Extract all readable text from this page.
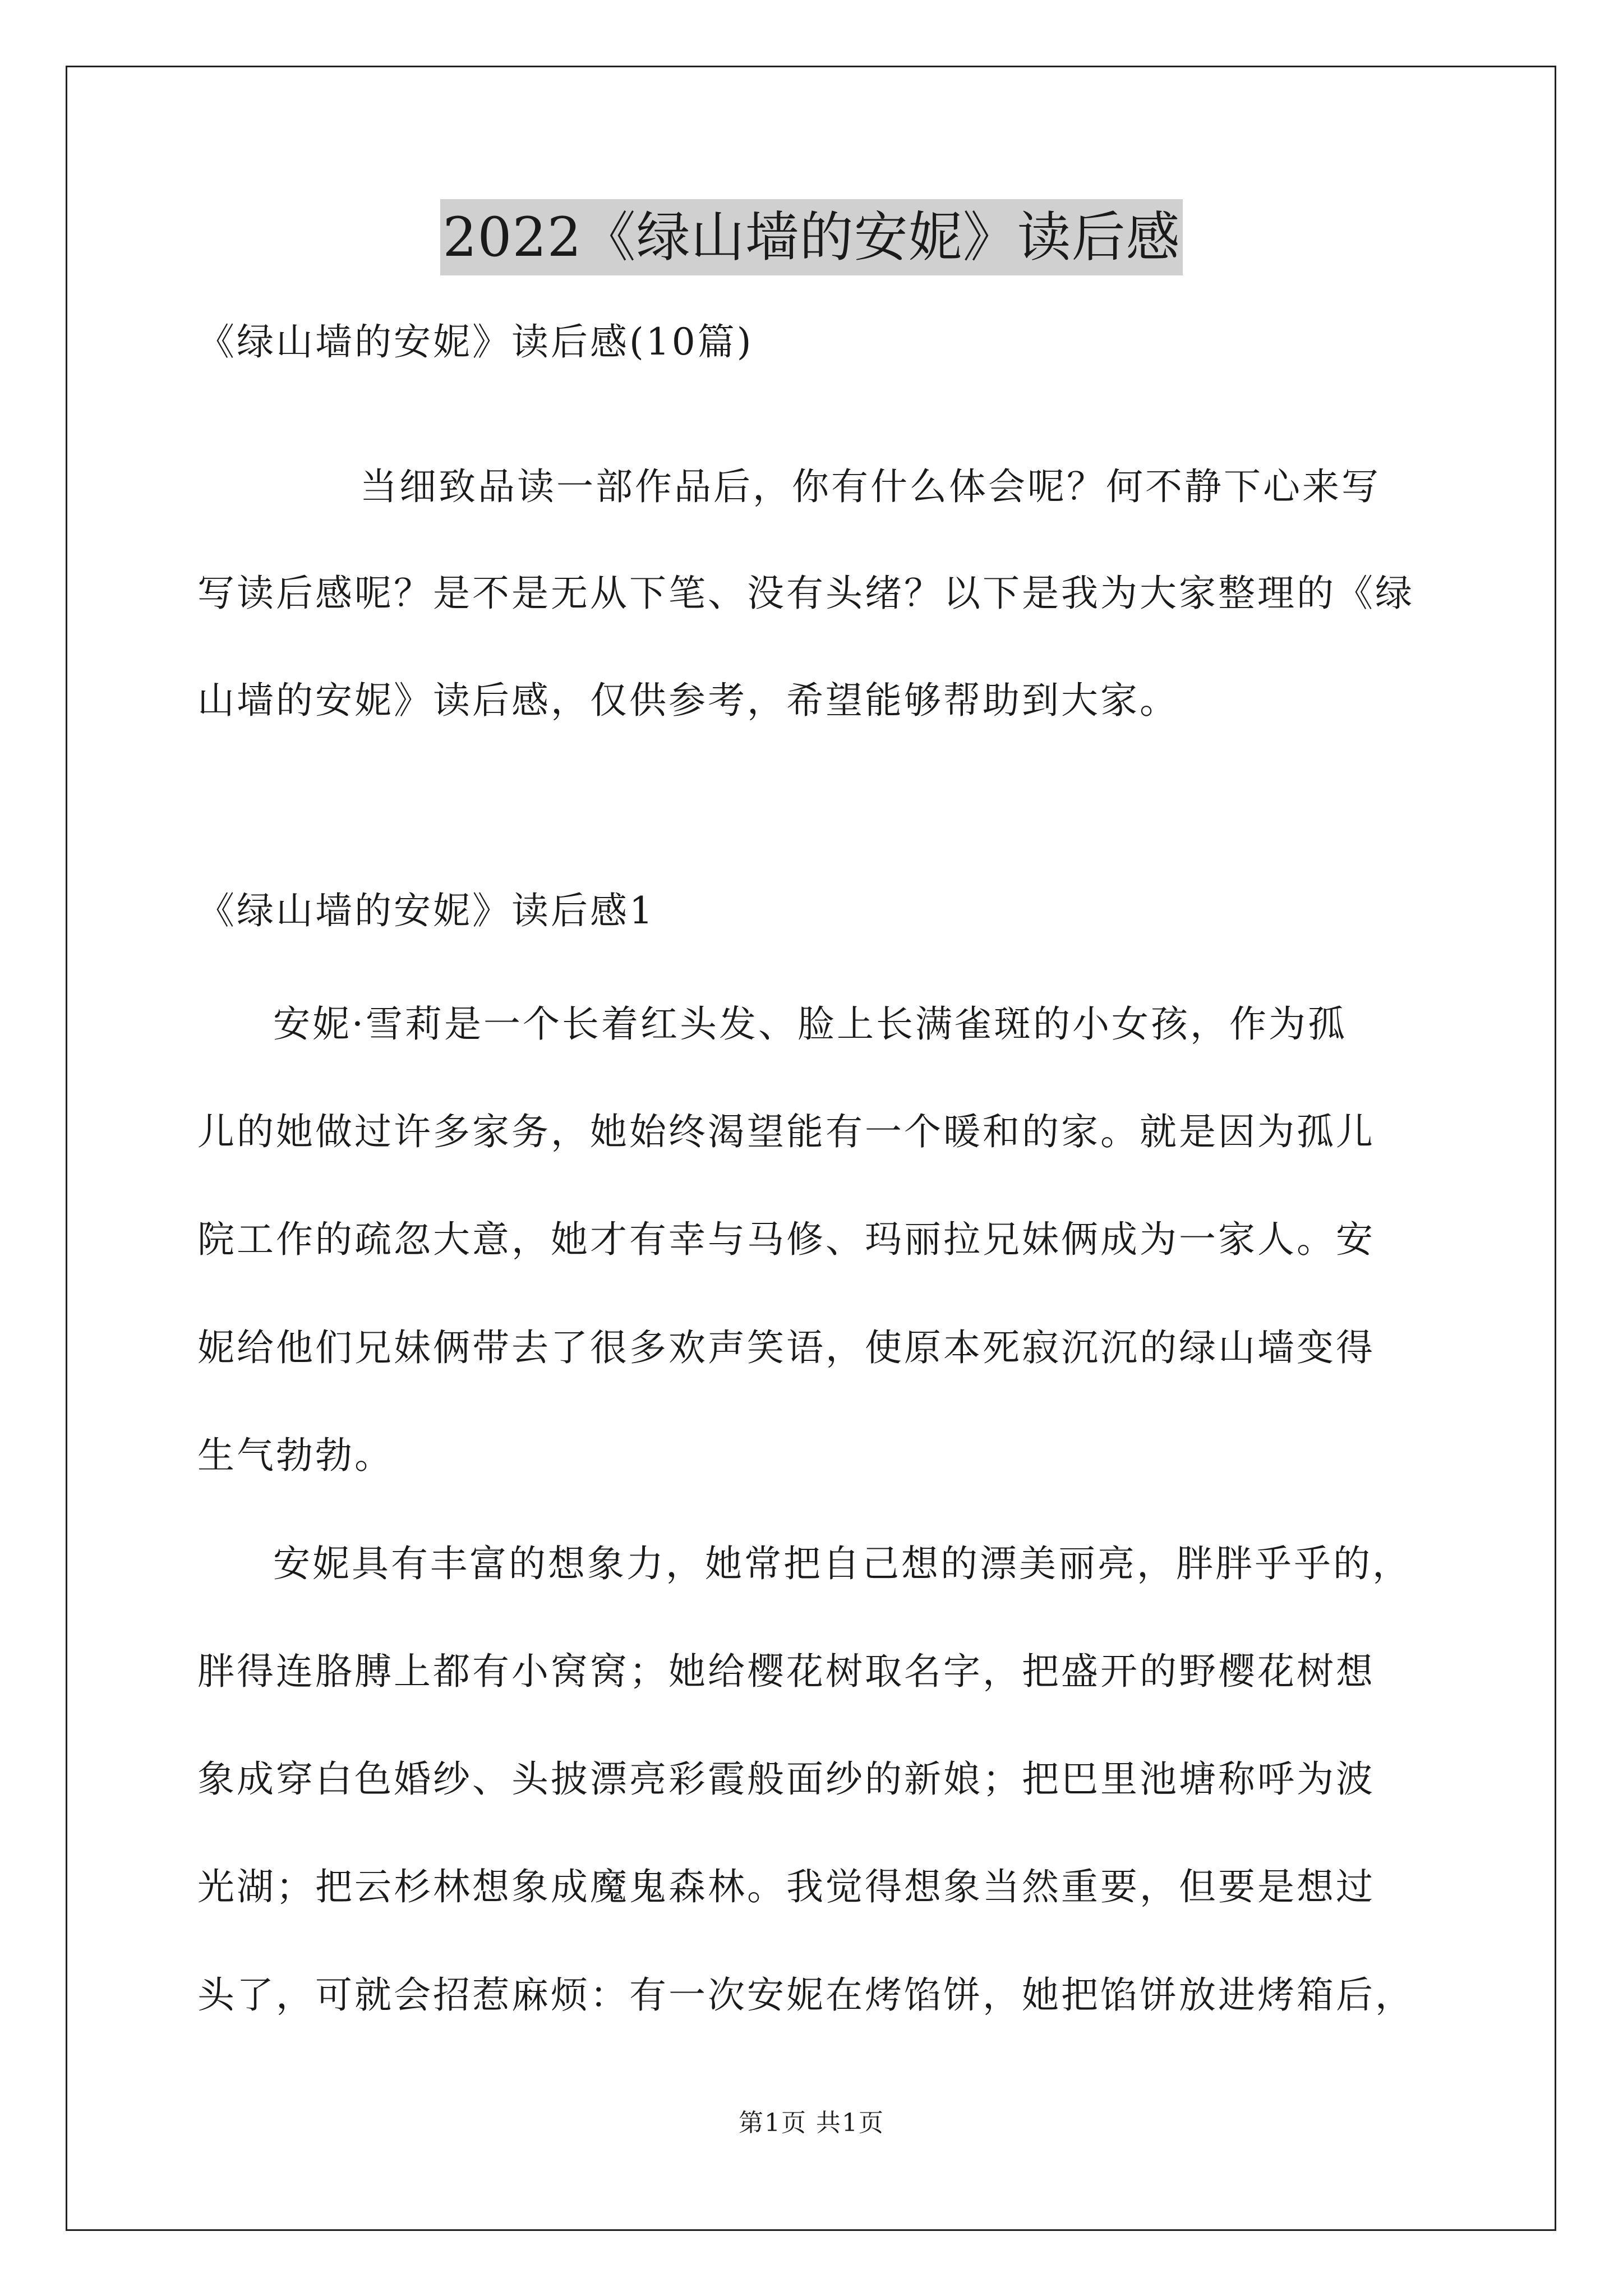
2022《绿山墙的安妮》读后感
《绿山墙的安妮》读后感(10篇)
当细致品读一部作品后，你有什么体会呢？何不静下心来写
写读后感呢？是不是无从下笔、没有头绪？以下是我为大家整理的《绿
山墙的安妮》读后感，仅供参考，希望能够帮助到大家。
《绿山墙的安妮》读后感1
安妮·雪莉是一个长着红头发、脸上长满雀斑的小女孩，作为孤
儿的她做过许多家务，她始终渴望能有一个暖和的家。就是因为孤儿
院工作的疏忽大意，她才有幸与马修、玛丽拉兄妹俩成为一家人。安
妮给他们兄妹俩带去了很多欢声笑语，使原本死寂沉沉的绿山墙变得
生气勃勃。
安妮具有丰富的想象力，她常把自己想的漂美丽亮，胖胖乎乎的，
胖得连胳膊上都有小窝窝；她给樱花树取名字，把盛开的野樱花树想
象成穿白色婚纱、头披漂亮彩霞般面纱的新娘；把巴里池塘称呼为波
光湖；把云杉林想象成魔鬼森林。我觉得想象当然重要，但要是想过
头了，可就会招惹麻烦：有一次安妮在烤馅饼，她把馅饼放进烤箱后，
第1页 共1页
